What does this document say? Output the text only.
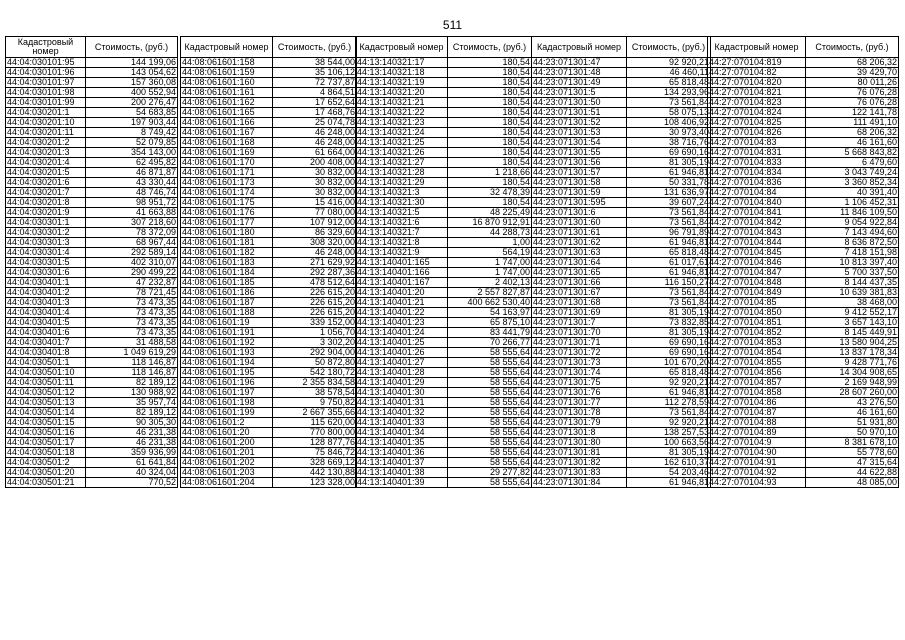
511
Кадастровый номер	Стоимость, (руб.)
44:04:030101:95	144 199,06
44:04:030101:96	143 054,62
44:04:030101:97	157 360,08
44:04:030101:98	400 552,94
44:04:030101:99	200 276,47
44:04:030201:1	54 683,85
44:04:030201:10	197 903,44
44:04:030201:11	8 749,42
44:04:030201:2	52 079,85
44:04:030201:3	354 143,00
44:04:030201:4	62 495,82
44:04:030201:5	46 871,87
44:04:030201:6	43 330,44
44:04:030201:7	48 746,74
44:04:030201:8	98 951,72
44:04:030201:9	41 663,88
44:04:030301:1	307 218,60
44:04:030301:2	78 372,09
44:04:030301:3	68 967,44
44:04:030301:4	292 589,14
44:04:030301:5	402 310,07
44:04:030301:6	290 499,22
44:04:030401:1	47 232,87
44:04:030401:2	78 721,45
44:04:030401:3	73 473,35
44:04:030401:4	73 473,35
44:04:030401:5	73 473,35
44:04:030401:6	73 473,35
44:04:030401:7	31 488,58
44:04:030401:8	1 049 619,29
44:04:030501:1	118 146,87
44:04:030501:10	118 146,87
44:04:030501:11	82 189,12
44:04:030501:12	130 988,92
44:04:030501:13	35 957,74
44:04:030501:14	82 189,12
44:04:030501:15	90 305,30
44:04:030501:16	46 231,38
44:04:030501:17	46 231,38
44:04:030501:18	359 936,99
44:04:030501:2	61 641,84
44:04:030501:20	40 324,04
44:04:030501:21	770,52
Кадастровый номер	Стоимость, (руб.)
44:08:061601:158	38 544,00
44:08:061601:159	35 106,12
44:08:061601:160	72 737,87
44:08:061601:161	4 864,51
44:08:061601:162	17 652,64
44:08:061601:165	17 468,76
44:08:061601:166	25 074,78
44:08:061601:167	46 248,00
44:08:061601:168	46 248,00
44:08:061601:169	61 664,00
44:08:061601:170	200 408,00
44:08:061601:171	30 832,00
44:08:061601:173	30 832,00
44:08:061601:174	30 832,00
44:08:061601:175	15 416,00
44:08:061601:176	77 080,00
44:08:061601:177	107 912,00
44:08:061601:180	86 329,60
44:08:061601:181	308 320,00
44:08:061601:182	46 248,00
44:08:061601:183	271 629,92
44:08:061601:184	292 287,36
44:08:061601:185	478 512,64
44:08:061601:186	226 615,20
44:08:061601:187	226 615,20
44:08:061601:188	226 615,20
44:08:061601:19	339 152,00
44:08:061601:191	1 056,70
44:08:061601:192	3 302,20
44:08:061601:193	292 904,00
44:08:061601:194	50 872,80
44:08:061601:195	542 180,72
44:08:061601:196	2 355 834,58
44:08:061601:197	38 578,54
44:08:061601:198	9 750,82
44:08:061601:199	2 667 355,66
44:08:061601:2	115 620,00
44:08:061601:20	770 800,00
44:08:061601:200	128 877,76
44:08:061601:201	75 846,72
44:08:061601:202	328 669,12
44:08:061601:203	442 130,88
44:08:061601:204	123 328,00
Кадастровый номер	Стоимость, (руб.)
44:13:140321:17	180,54
44:13:140321:18	180,54
44:13:140321:19	180,54
44:13:140321:20	180,54
44:13:140321:21	180,54
44:13:140321:22	180,54
44:13:140321:23	180,54
44:13:140321:24	180,54
44:13:140321:25	180,54
44:13:140321:26	180,54
44:13:140321:27	180,54
44:13:140321:28	1 218,66
44:13:140321:29	180,54
44:13:140321:3	32 478,39
44:13:140321:30	180,54
44:13:140321:5	48 225,49
44:13:140321:6	16 870 912,91
44:13:140321:7	44 288,73
44:13:140321:8	1,00
44:13:140321:9	564,19
44:13:140401:165	1 747,00
44:13:140401:166	1 747,00
44:13:140401:167	2 402,13
44:13:140401:20	2 557 827,87
44:13:140401:21	400 662 530,40
44:13:140401:22	54 163,97
44:13:140401:23	65 875,10
44:13:140401:24	83 441,79
44:13:140401:25	70 266,77
44:13:140401:26	58 555,64
44:13:140401:27	58 555,64
44:13:140401:28	58 555,64
44:13:140401:29	58 555,64
44:13:140401:30	58 555,64
44:13:140401:31	58 555,64
44:13:140401:32	58 555,64
44:13:140401:33	58 555,64
44:13:140401:34	58 555,64
44:13:140401:35	58 555,64
44:13:140401:36	58 555,64
44:13:140401:37	58 555,64
44:13:140401:38	29 277,82
44:13:140401:39	58 555,64
Кадастровый номер	Стоимость, (руб.)
44:23:071301:47	92 920,21
44:23:071301:48	46 460,11
44:23:071301:49	65 818,48
44:23:071301:5	134 293,96
44:23:071301:50	73 561,84
44:23:071301:51	58 075,13
44:23:071301:52	108 406,92
44:23:071301:53	30 973,40
44:23:071301:54	38 716,76
44:23:071301:55	69 690,16
44:23:071301:56	81 305,19
44:23:071301:57	61 946,81
44:23:071301:58	50 331,78
44:23:071301:59	131 636,97
44:23:071301:595	39 607,24
44:23:071301:6	73 561,84
44:23:071301:60	73 561,84
44:23:071301:61	96 791,89
44:23:071301:62	61 946,81
44:23:071301:63	65 818,48
44:23:071301:64	61 017,61
44:23:071301:65	61 946,81
44:23:071301:66	116 150,27
44:23:071301:67	73 561,84
44:23:071301:68	73 561,84
44:23:071301:69	81 305,19
44:23:071301:7	73 832,85
44:23:071301:70	81 305,19
44:23:071301:71	69 690,16
44:23:071301:72	69 690,16
44:23:071301:73	101 670,20
44:23:071301:74	65 818,48
44:23:071301:75	92 920,21
44:23:071301:76	61 946,81
44:23:071301:77	112 278,59
44:23:071301:78	73 561,84
44:23:071301:79	92 920,21
44:23:071301:8	138 257,53
44:23:071301:80	100 663,56
44:23:071301:81	81 305,19
44:23:071301:82	162 610,37
44:23:071301:83	54 203,46
44:23:071301:84	61 946,81
Кадастровый номер	Стоимость, (руб.)
44:27:070104:819	68 206,32
44:27:070104:82	39 429,70
44:27:070104:820	80 011,26
44:27:070104:821	76 076,28
44:27:070104:823	76 076,28
44:27:070104:824	122 141,78
44:27:070104:825	111 491,10
44:27:070104:826	68 206,32
44:27:070104:83	46 161,60
44:27:070104:831	5 668 843,82
44:27:070104:833	6 479,60
44:27:070104:834	3 043 749,24
44:27:070104:836	3 360 852,34
44:27:070104:84	40 391,40
44:27:070104:840	1 106 452,31
44:27:070104:841	11 846 109,50
44:27:070104:842	9 054 922,84
44:27:070104:843	7 143 494,60
44:27:070104:844	8 636 872,50
44:27:070104:845	7 418 151,98
44:27:070104:846	10 813 397,40
44:27:070104:847	5 700 337,50
44:27:070104:848	8 144 437,35
44:27:070104:849	10 639 381,83
44:27:070104:85	38 468,00
44:27:070104:850	9 412 552,17
44:27:070104:851	3 657 143,10
44:27:070104:852	8 145 449,91
44:27:070104:853	13 580 904,25
44:27:070104:854	13 837 178,34
44:27:070104:855	9 428 771,76
44:27:070104:856	14 304 908,65
44:27:070104:857	2 169 948,99
44:27:070104:858	28 607 260,00
44:27:070104:86	43 276,50
44:27:070104:87	46 161,60
44:27:070104:88	51 931,80
44:27:070104:89	50 970,10
44:27:070104:9	8 381 678,10
44:27:070104:90	55 778,60
44:27:070104:91	47 315,64
44:27:070104:92	44 622,88
44:27:070104:93	48 085,00
